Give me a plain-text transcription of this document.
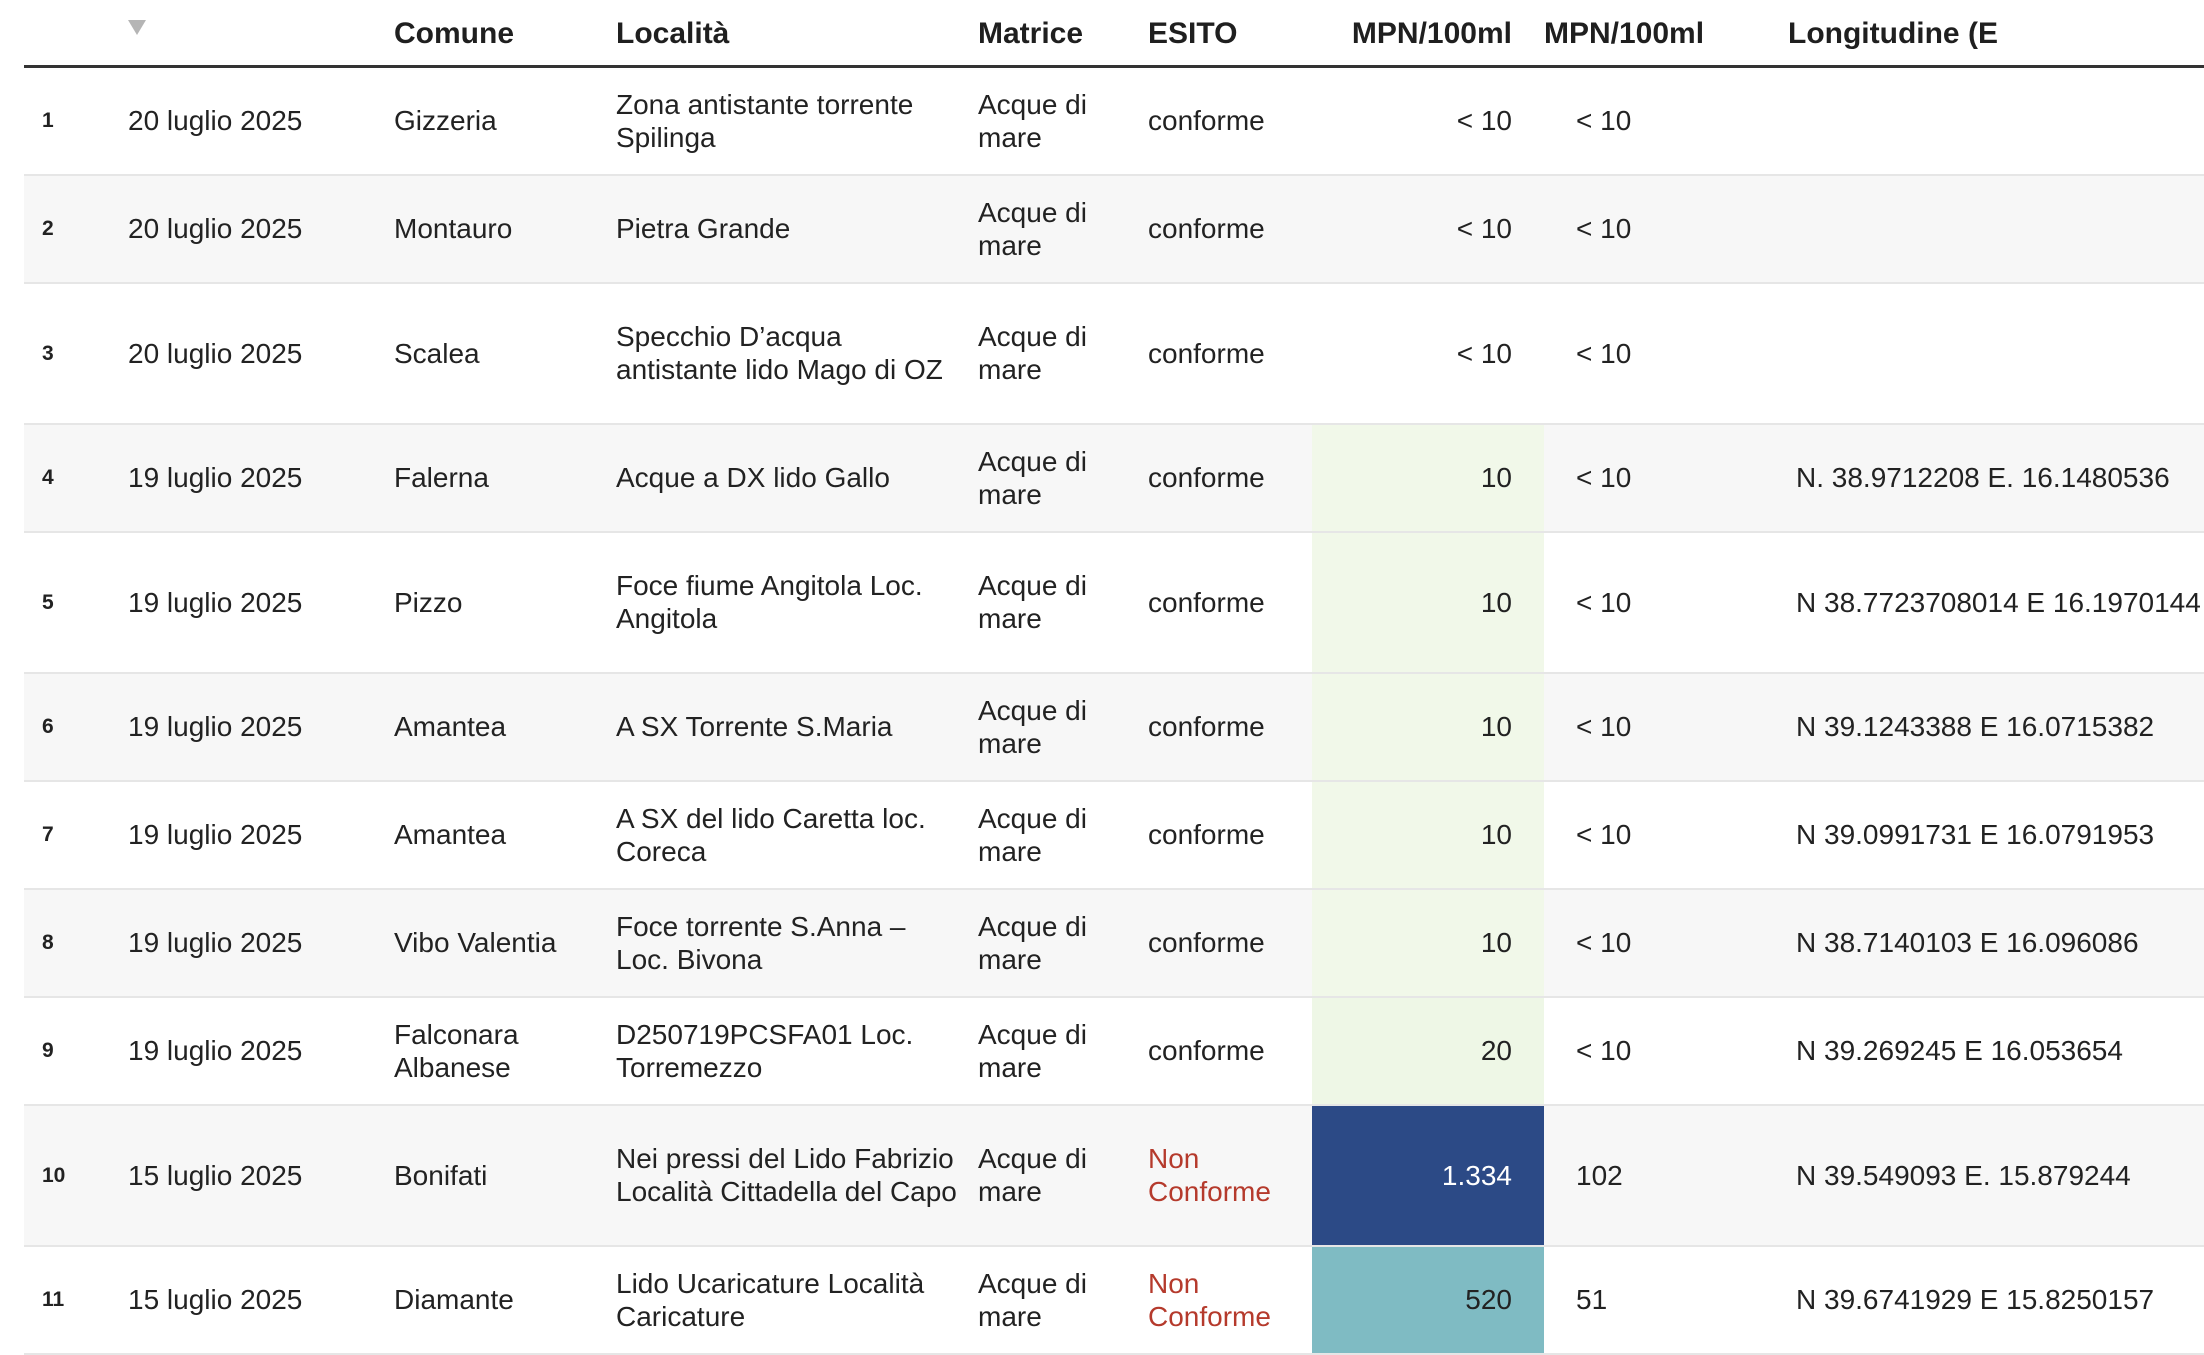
		Comune	Località	Matrice	ESITO	MPN/100ml	MPN/100ml	Longitudine (E
1	20 luglio 2025	Gizzeria	Zona antistante torrente Spilinga	Acque di mare	conforme	< 10	< 10	
2	20 luglio 2025	Montauro	Pietra Grande	Acque di mare	conforme	< 10	< 10	
3	20 luglio 2025	Scalea	Specchio D’acqua antistante lido Mago di OZ	Acque di mare	conforme	< 10	< 10	
4	19 luglio 2025	Falerna	Acque a DX lido Gallo	Acque di mare	conforme	10	< 10	N. 38.9712208 E. 16.1480536
5	19 luglio 2025	Pizzo	Foce fiume Angitola Loc. Angitola	Acque di mare	conforme	10	< 10	N 38.7723708014 E 16.1970144
6	19 luglio 2025	Amantea	A SX Torrente S.Maria	Acque di mare	conforme	10	< 10	N 39.1243388 E 16.0715382
7	19 luglio 2025	Amantea	A SX del lido Caretta loc. Coreca	Acque di mare	conforme	10	< 10	N 39.0991731 E 16.0791953
8	19 luglio 2025	Vibo Valentia	Foce torrente S.Anna – Loc. Bivona	Acque di mare	conforme	10	< 10	N 38.7140103 E 16.096086
9	19 luglio 2025	Falconara Albanese	D250719PCSFA01 Loc. Torremezzo	Acque di mare	conforme	20	< 10	N 39.269245 E 16.053654
10	15 luglio 2025	Bonifati	Nei pressi del Lido Fabrizio Località Cittadella del Capo	Acque di mare	Non Conforme	1.334	102	N 39.549093 E. 15.879244
11	15 luglio 2025	Diamante	Lido Ucaricature Località Caricature	Acque di mare	Non Conforme	520	51	N 39.6741929 E 15.8250157
